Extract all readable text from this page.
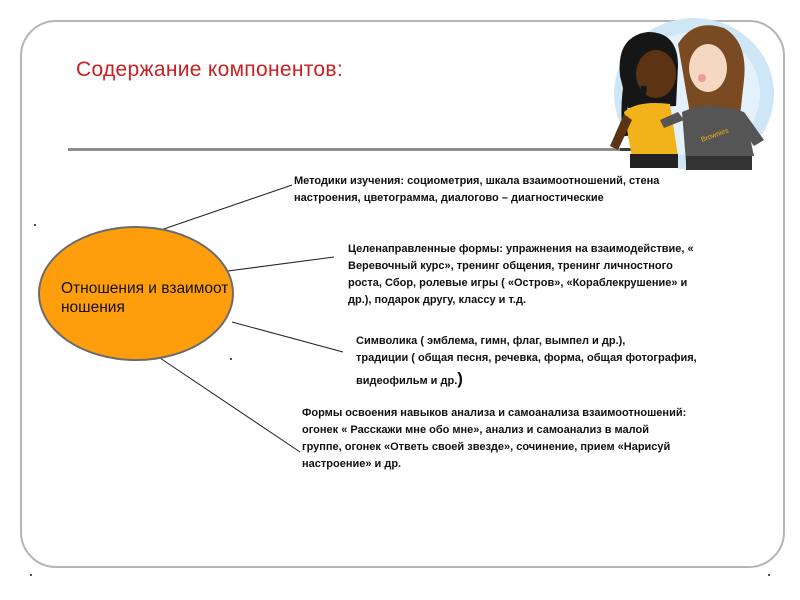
Содержание компонентов:
Отношения и взаимоотношения
Методики изучения: социометрия, шкала взаимоотношений, стена
настроения, цветограмма, диалогово – диагностические
Целенаправленные формы: упражнения на взаимодействие, «
Веревочный курс», тренинг общения, тренинг личностного
роста, Сбор, ролевые игры ( «Остров», «Кораблекрушение» и
др.), подарок другу, классу и т.д.
Символика ( эмблема, гимн, флаг, вымпел и др.),
традиции ( общая песня, речевка, форма, общая фотография,
видеофильм и др.)
Формы освоения навыков анализа и самоанализа взаимоотношений:
огонек « Расскажи мне обо мне», анализ и самоанализ в малой
группе, огонек «Ответь своей звезде», сочинение, прием «Нарисуй
настроение» и др.
Brownies
